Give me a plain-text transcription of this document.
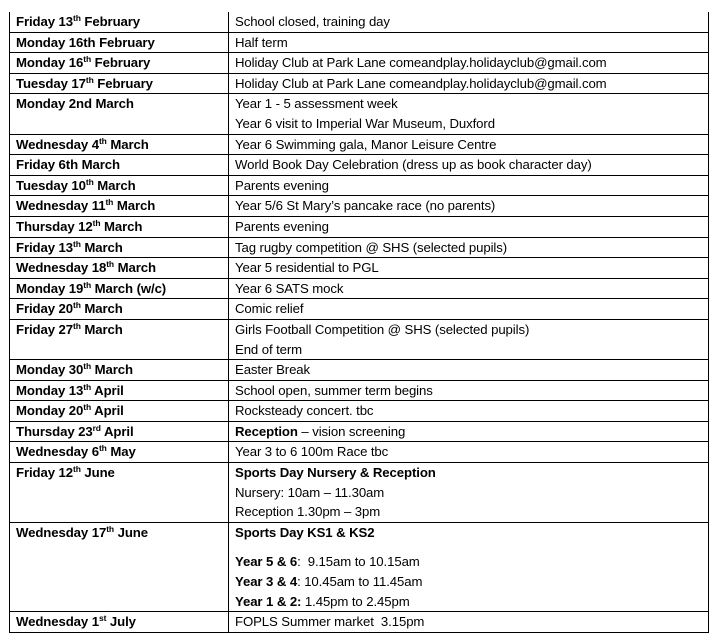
Friday 13th February	School closed, training day

Monday 16th February	Half term

Monday 16th February	Holiday Club at Park Lane comeandplay.holidayclub@gmail.com

Tuesday 17th February	Holiday Club at Park Lane comeandplay.holidayclub@gmail.com

Monday 2nd March	Year 1 - 5 assessment week
Year 6 visit to Imperial War Museum, Duxford

Wednesday 4th March	Year 6 Swimming gala, Manor Leisure Centre

Friday 6th March	World Book Day Celebration (dress up as book character day)

Tuesday 10th March	Parents evening

Wednesday 11th March	Year 5/6 St Mary’s pancake race (no parents)

Thursday 12th March	Parents evening

Friday 13th March	Tag rugby competition @ SHS (selected pupils)

Wednesday 18th March	Year 5 residential to PGL

Monday 19th March (w/c)	Year 6 SATS mock

Friday 20th March	Comic relief

Friday 27th March	Girls Football Competition @ SHS (selected pupils)
End of term

Monday 30th March	Easter Break

Monday 13th April	School open, summer term begins

Monday 20th April	Rocksteady concert. tbc

Thursday 23rd April	Reception – vision screening

Wednesday 6th May	Year 3 to 6 100m Race tbc

Friday 12th June	Sports Day Nursery & Reception
Nursery: 10am – 11.30am
Reception 1.30pm – 3pm

Wednesday 17th June	Sports Day KS1 & KS2
Year 5 & 6:  9.15am to 10.15am
Year 3 & 4: 10.45am to 11.45am
Year 1 & 2: 1.45pm to 2.45pm

Wednesday 1st July	FOPLS Summer market  3.15pm
